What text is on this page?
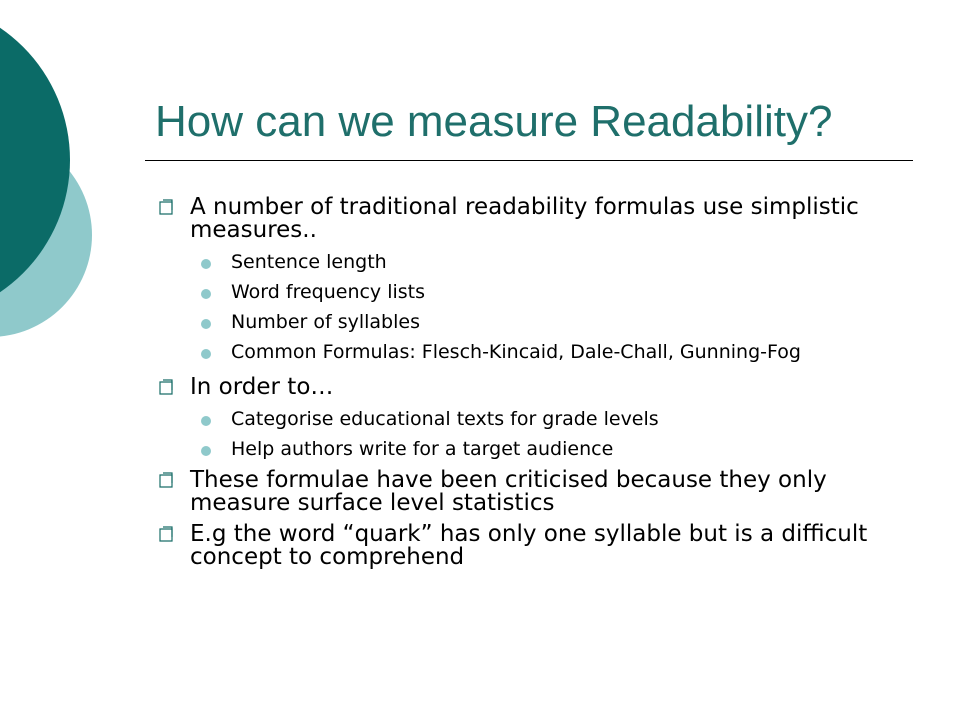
How can we measure Readability?
A number of traditional readability formulas use simplistic measures..
Sentence length
Word frequency lists
Number of syllables
Common Formulas: Flesch-Kincaid, Dale-Chall, Gunning-Fog
In order to…
Categorise educational texts for grade levels
Help authors write for a target audience
These formulae have been criticised because they only measure surface level statistics
E.g the word “quark” has only one syllable but is a difficult concept to comprehend
